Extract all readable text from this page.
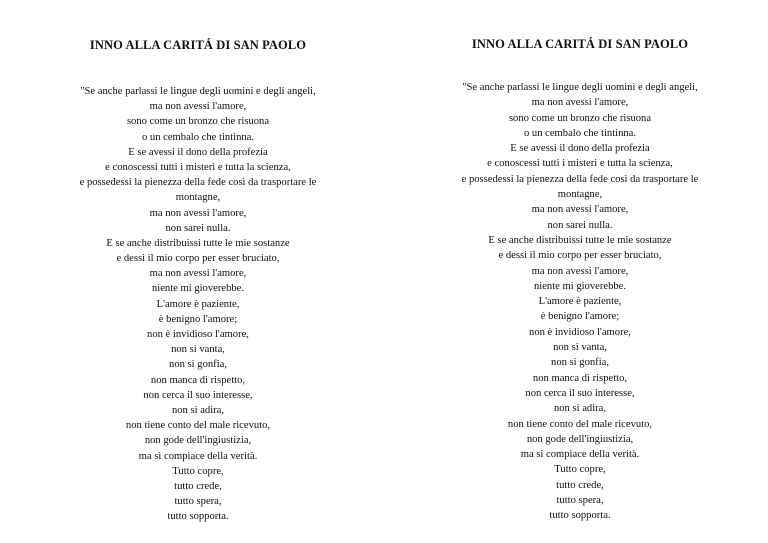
INNO ALLA CARITÁ DI SAN PAOLO
"Se anche parlassi le lingue degli uomini e degli angeli,
ma non avessi l'amore,
sono come un bronzo che risuona
o un cembalo che tintinna.
E se avessi il dono della profezia
e conoscessi tutti i misteri e tutta la scienza,
e possedessi la pienezza della fede così da trasportare le
montagne,
ma non avessi l'amore,
non sarei nulla.
E se anche distribuissi tutte le mie sostanze
e dessi il mio corpo per esser bruciato,
ma non avessi l'amore,
niente mi gioverebbe.
L'amore è paziente,
è benigno l'amore;
non è invidioso l'amore,
non si vanta,
non si gonfia,
non manca di rispetto,
non cerca il suo interesse,
non si adira,
non tiene conto del male ricevuto,
non gode dell'ingiustizia,
ma si compiace della verità.
Tutto copre,
tutto crede,
tutto spera,
tutto sopporta.
INNO ALLA CARITÁ DI SAN PAOLO
"Se anche parlassi le lingue degli uomini e degli angeli,
ma non avessi l'amore,
sono come un bronzo che risuona
o un cembalo che tintinna.
E se avessi il dono della profezia
e conoscessi tutti i misteri e tutta la scienza,
e possedessi la pienezza della fede così da trasportare le
montagne,
ma non avessi l'amore,
non sarei nulla.
E se anche distribuissi tutte le mie sostanze
e dessi il mio corpo per esser bruciato,
ma non avessi l'amore,
niente mi gioverebbe.
L'amore è paziente,
è benigno l'amore;
non è invidioso l'amore,
non si vanta,
non si gonfia,
non manca di rispetto,
non cerca il suo interesse,
non si adira,
non tiene conto del male ricevuto,
non gode dell'ingiustizia,
ma si compiace della verità.
Tutto copre,
tutto crede,
tutto spera,
tutto sopporta.
